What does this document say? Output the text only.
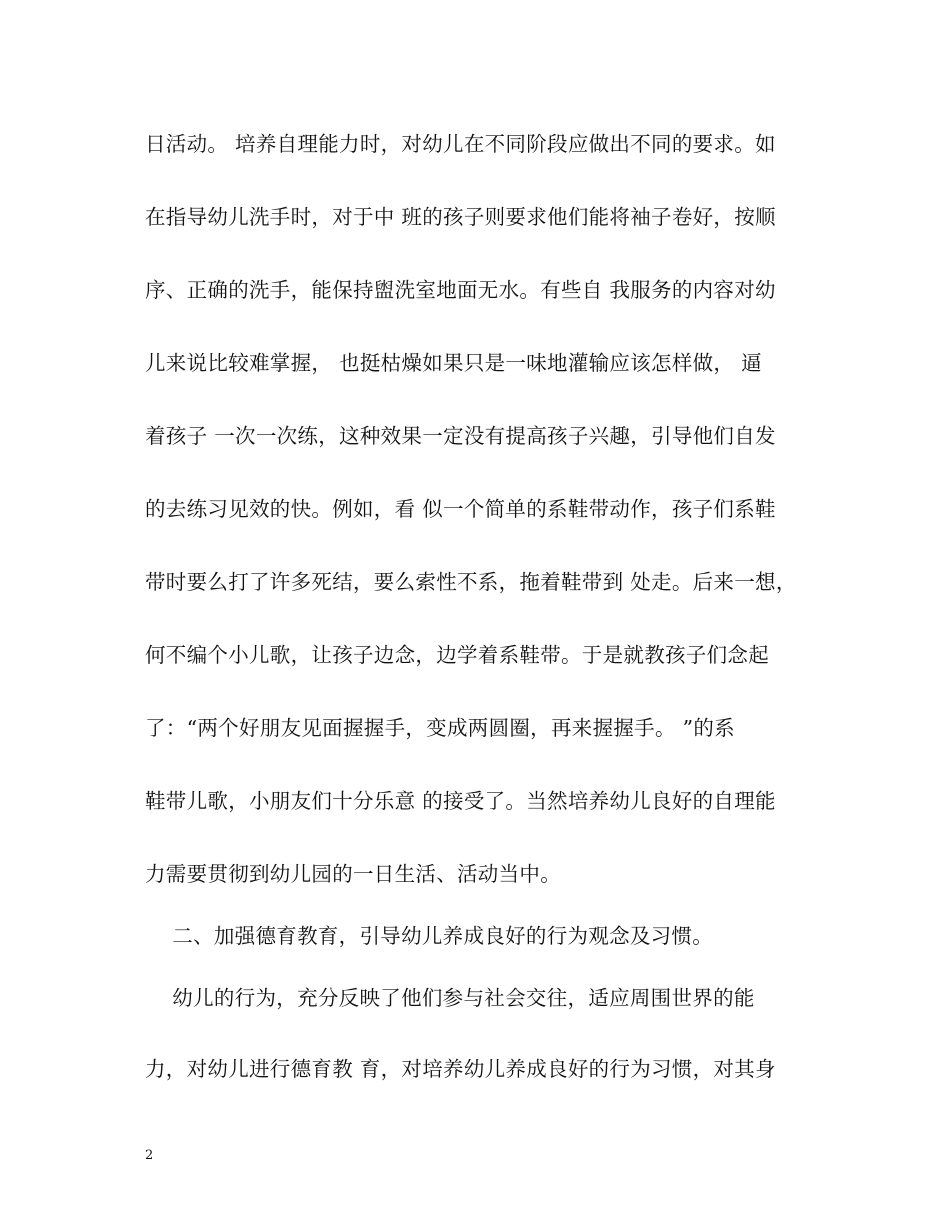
日活动。 培养自理能力时，对幼儿在不同阶段应做出不同的要求。如
在指导幼儿洗手时，对于中 班的孩子则要求他们能将袖子卷好，按顺
序、正确的洗手，能保持盥洗室地面无水。有些自 我服务的内容对幼
儿来说比较难掌握， 也挺枯燥如果只是一味地灌输应该怎样做， 逼
着孩子 一次一次练，这种效果一定没有提高孩子兴趣，引导他们自发
的去练习见效的快。例如，看 似一个简单的系鞋带动作，孩子们系鞋
带时要么打了许多死结，要么索性不系，拖着鞋带到 处走。后来一想，
何不编个小儿歌，让孩子边念，边学着系鞋带。于是就教孩子们念起
了：“两个好朋友见面握握手，变成两圆圈，再来握握手。 ”的系
鞋带儿歌，小朋友们十分乐意 的接受了。当然培养幼儿良好的自理能
力需要贯彻到幼儿园的一日生活、活动当中。
二、加强德育教育，引导幼儿养成良好的行为观念及习惯。
幼儿的行为，充分反映了他们参与社会交往，适应周围世界的能
力，对幼儿进行德育教 育，对培养幼儿养成良好的行为习惯，对其身
2
